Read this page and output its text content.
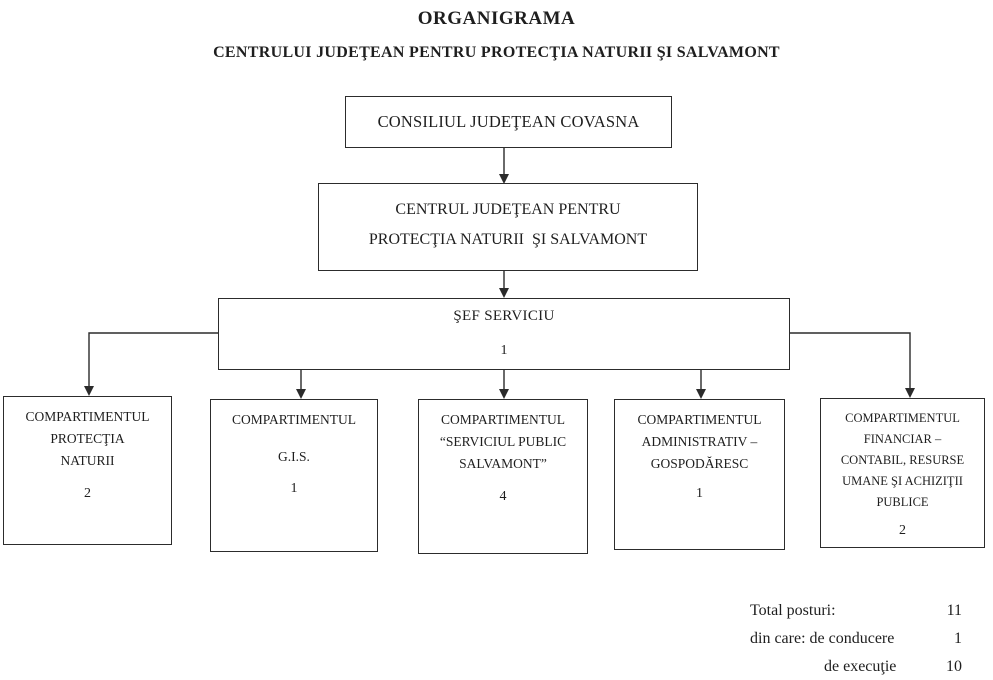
ORGANIGRAMA
CENTRULUI JUDEŢEAN PENTRU PROTECŢIA NATURII ŞI SALVAMONT
CONSILIUL JUDEŢEAN COVASNA
CENTRUL JUDEŢEAN PENTRU
PROTECŢIA NATURII  ŞI SALVAMONT
ŞEF SERVICIU
1
COMPARTIMENTUL
PROTECŢIA
NATURII
2
COMPARTIMENTUL
G.I.S.
1
COMPARTIMENTUL
“SERVICIUL PUBLIC
SALVAMONT”
4
COMPARTIMENTUL
ADMINISTRATIV –
GOSPODĂRESC
1
COMPARTIMENTUL
FINANCIAR –
CONTABIL, RESURSE
UMANE ŞI ACHIZIŢII
PUBLICE
2
Total posturi:	11
din care: de conducere	1
de execuţie	10
